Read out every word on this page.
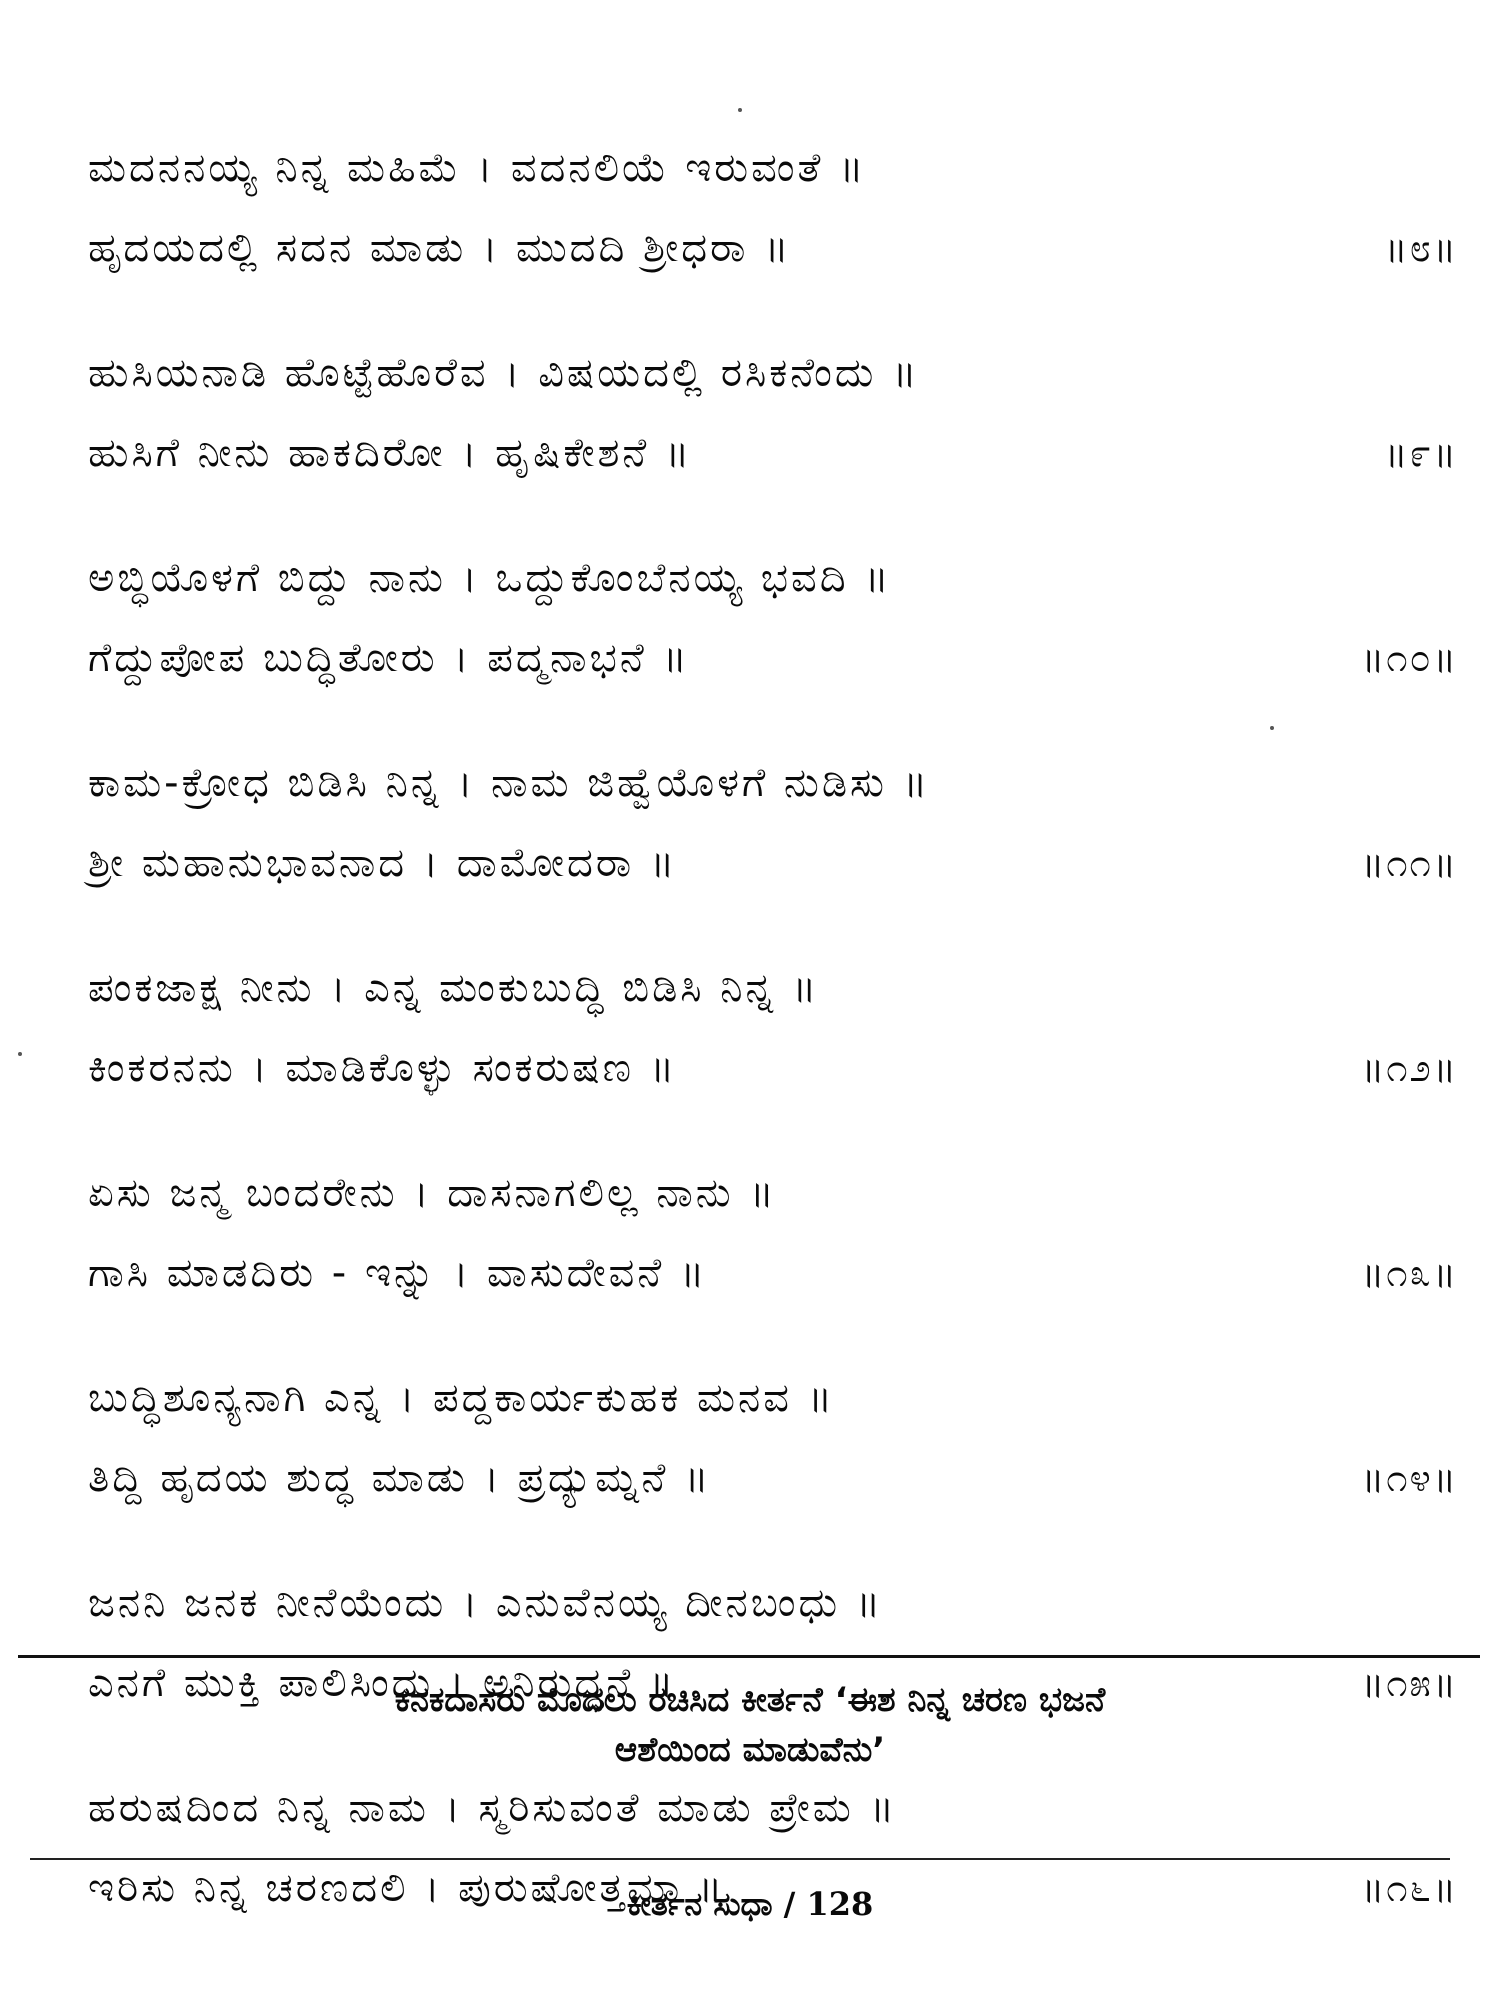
ಮದನನಯ್ಯ ನಿನ್ನ ಮಹಿಮೆ । ವದನಲಿಯೆ ಇರುವಂತೆ ॥
ಹೃದಯದಲ್ಲಿ ಸದನ ಮಾಡು । ಮುದದಿ ಶ್ರೀಧರಾ ॥	॥೮॥
ಹುಸಿಯನಾಡಿ ಹೊಟ್ಟೆಹೊರೆವ । ವಿಷಯದಲ್ಲಿ ರಸಿಕನೆಂದು ॥
ಹುಸಿಗೆ ನೀನು ಹಾಕದಿರೋ । ಹೃಷಿಕೇಶನೆ ॥	॥೯॥
ಅಬ್ಧಿಯೊಳಗೆ ಬಿದ್ದು ನಾನು । ಒದ್ದುಕೊಂಬೆನಯ್ಯ ಭವದಿ ॥
ಗೆದ್ದುಪೋಪ ಬುದ್ಧಿತೋರು । ಪದ್ಮನಾಭನೆ ॥	॥೧೦॥
ಕಾಮ-ಕ್ರೋಧ ಬಿಡಿಸಿ ನಿನ್ನ । ನಾಮ ಜಿಹ್ವೆಯೊಳಗೆ ನುಡಿಸು ॥
ಶ್ರೀ ಮಹಾನುಭಾವನಾದ । ದಾಮೋದರಾ ॥	॥೧೧॥
ಪಂಕಜಾಕ್ಷ ನೀನು । ಎನ್ನ ಮಂಕುಬುದ್ಧಿ ಬಿಡಿಸಿ ನಿನ್ನ ॥
ಕಿಂಕರನನು । ಮಾಡಿಕೊಳ್ಳು ಸಂಕರುಷಣ ॥	॥೧೨॥
ಏಸು ಜನ್ಮ ಬಂದರೇನು । ದಾಸನಾಗಲಿಲ್ಲ ನಾನು ॥
ಗಾಸಿ ಮಾಡದಿರು - ಇನ್ನು । ವಾಸುದೇವನೆ ॥	॥೧೩॥
ಬುದ್ಧಿಶೂನ್ಯನಾಗಿ ಎನ್ನ । ಪದ್ದಕಾರ್ಯಕುಹಕ ಮನವ ॥
ತಿದ್ದಿ ಹೃದಯ ಶುದ್ಧ ಮಾಡು । ಪ್ರದ್ಯುಮ್ನನೆ ॥	॥೧೪॥
ಜನನಿ ಜನಕ ನೀನೆಯೆಂದು । ಎನುವೆನಯ್ಯ ದೀನಬಂಧು ॥
ಎನಗೆ ಮುಕ್ತಿ ಪಾಲಿಸಿಂದು । ಅನಿರುದ್ಧನೆ ॥	॥೧೫॥
ಹರುಷದಿಂದ ನಿನ್ನ ನಾಮ । ಸ್ಮರಿಸುವಂತೆ ಮಾಡು ಪ್ರೇಮ ॥
ಇರಿಸು ನಿನ್ನ ಚರಣದಲಿ । ಪುರುಷೋತ್ತಮಾ ॥	॥೧೬॥
ಕನಕದಾಸರು ಮೊದಲು ರಚಿಸಿದ ಕೀರ್ತನೆ ‘ಈಶ ನಿನ್ನ ಚರಣ ಭಜನೆ
ಆಶೆಯಿಂದ ಮಾಡುವೆನು’
ಕೀರ್ತನ ಸುಧಾ / 128
